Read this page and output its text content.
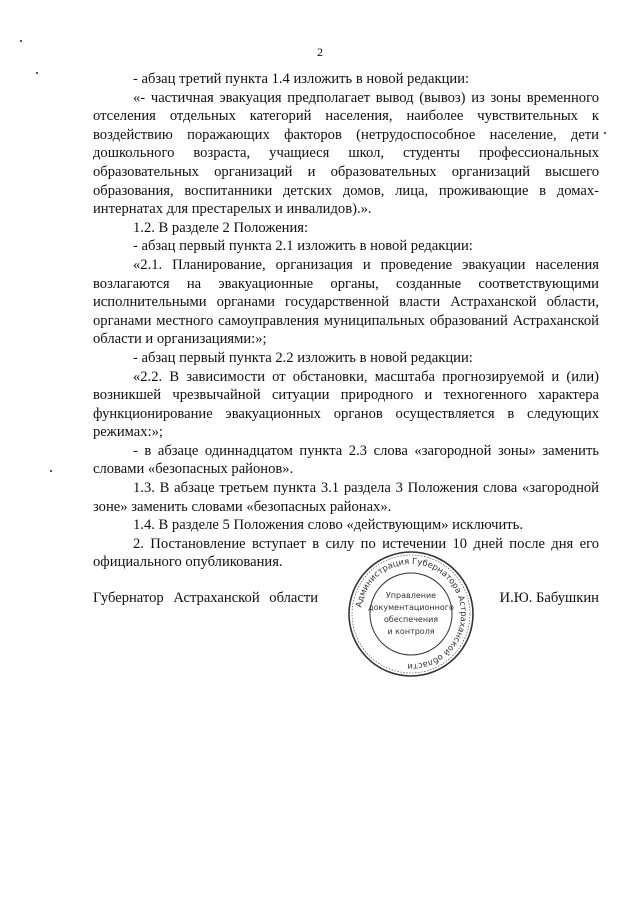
2

- абзац третий пункта 1.4 изложить в новой редакции:

«- частичная эвакуация предполагает вывод (вывоз) из зоны временного отселения отдельных категорий населения, наиболее чувствительных к воздействию поражающих факторов (нетрудоспособное население, дети дошкольного возраста, учащиеся школ, студенты профессиональных образовательных организаций и образовательных организаций высшего образования, воспитанники детских домов, лица, проживающие в домах-интернатах для престарелых и инвалидов).».

1.2. В разделе 2 Положения:

- абзац первый пункта 2.1 изложить в новой редакции:

«2.1. Планирование, организация и проведение эвакуации населения возлагаются на эвакуационные органы, созданные соответствующими исполнительными органами государственной власти Астраханской области, органами местного самоуправления муниципальных образований Астраханской области и организациями:»;

- абзац первый пункта 2.2 изложить в новой редакции:

«2.2. В зависимости от обстановки, масштаба прогнозируемой и (или) возникшей чрезвычайной ситуации природного и техногенного характера функционирование эвакуационных органов осуществляется в следующих режимах:»;

- в абзаце одиннадцатом пункта 2.3 слова «загородной зоны» заменить словами «безопасных районов».

1.3. В абзаце третьем пункта 3.1 раздела 3 Положения слова «загородной зоне» заменить словами «безопасных районах».

1.4. В разделе 5 Положения слово «действующим» исключить.

2. Постановление вступает в силу по истечении 10 дней после дня его официального опубликования.

Губернатор Астраханской области	И.Ю. Бабушкин
Администрация Губернатора Астраханской области
Управление
документационного
обеспечения
и контроля
